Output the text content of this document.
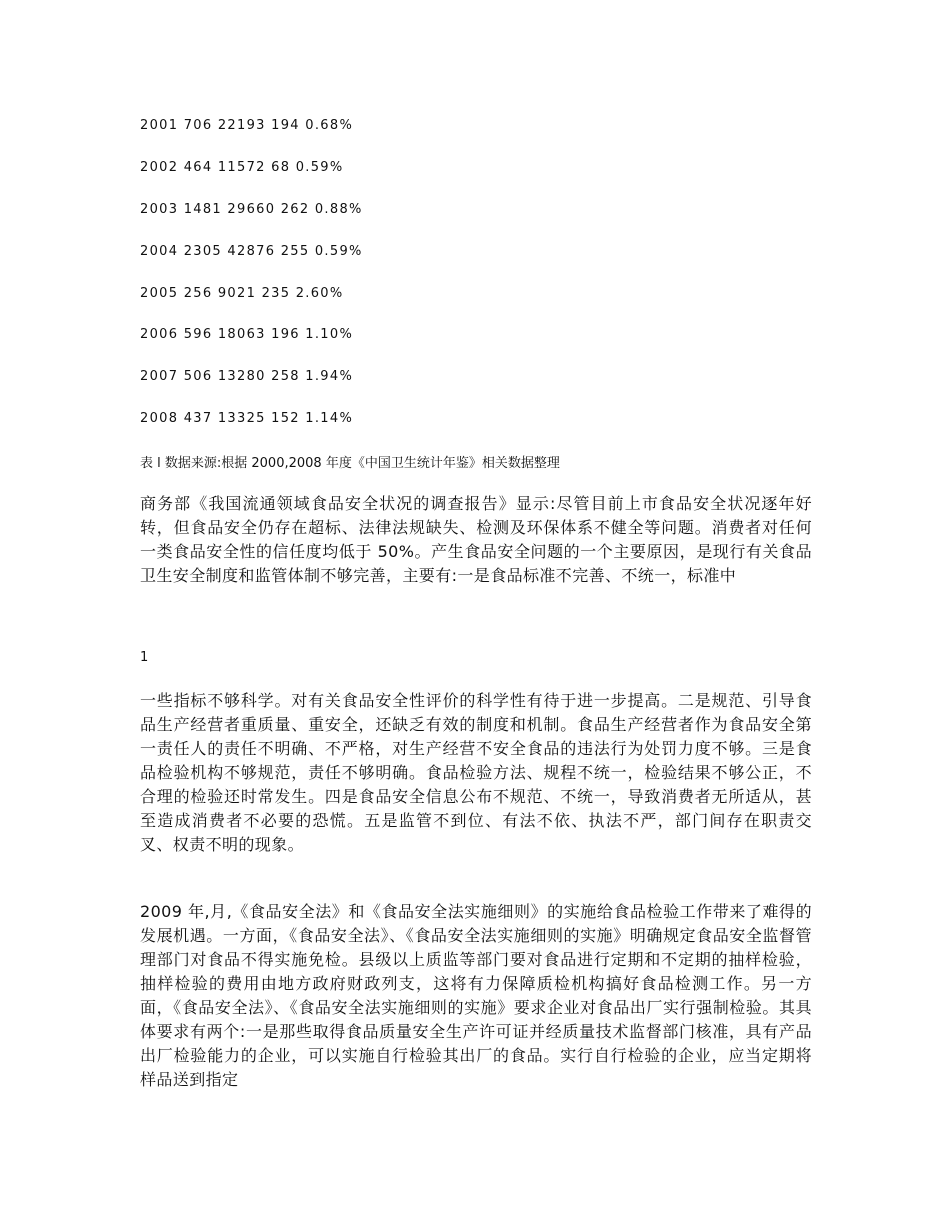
2001 706 22193 194 0.68%
2002 464 11572 68 0.59%
2003 1481 29660 262 0.88%
2004 2305 42876 255 0.59%
2005 256 9021 235 2.60%
2006 596 18063 196 1.10%
2007 506 13280 258 1.94%
2008 437 13325 152 1.14%
表 l 数据来源:根据 2000,2008 年度《中国卫生统计年鉴》相关数据整理
商务部《我国流通领域食品安全状况的调查报告》显示:尽管目前上市食品安全状况逐年好转，但食品安全仍存在超标、法律法规缺失、检测及环保体系不健全等问题。消费者对任何一类食品安全性的信任度均低于 50%。产生食品安全问题的一个主要原因，是现行有关食品卫生安全制度和监管体制不够完善，主要有:一是食品标准不完善、不统一，标准中
1
一些指标不够科学。对有关食品安全性评价的科学性有待于进一步提高。二是规范、引导食品生产经营者重质量、重安全，还缺乏有效的制度和机制。食品生产经营者作为食品安全第一责任人的责任不明确、不严格，对生产经营不安全食品的违法行为处罚力度不够。三是食品检验机构不够规范，责任不够明确。食品检验方法、规程不统一，检验结果不够公正，不合理的检验还时常发生。四是食品安全信息公布不规范、不统一，导致消费者无所适从，甚至造成消费者不必要的恐慌。五是监管不到位、有法不依、执法不严，部门间存在职责交叉、权责不明的现象。
2009 年,月,《食品安全法》和《食品安全法实施细则》的实施给食品检验工作带来了难得的发展机遇。一方面，《食品安全法》、《食品安全法实施细则的实施》明确规定食品安全监督管理部门对食品不得实施免检。县级以上质监等部门要对食品进行定期和不定期的抽样检验，抽样检验的费用由地方政府财政列支，这将有力保障质检机构搞好食品检测工作。另一方面，《食品安全法》、《食品安全法实施细则的实施》要求企业对食品出厂实行强制检验。其具体要求有两个:一是那些取得食品质量安全生产许可证并经质量技术监督部门核准，具有产品出厂检验能力的企业，可以实施自行检验其出厂的食品。实行自行检验的企业，应当定期将样品送到指定
